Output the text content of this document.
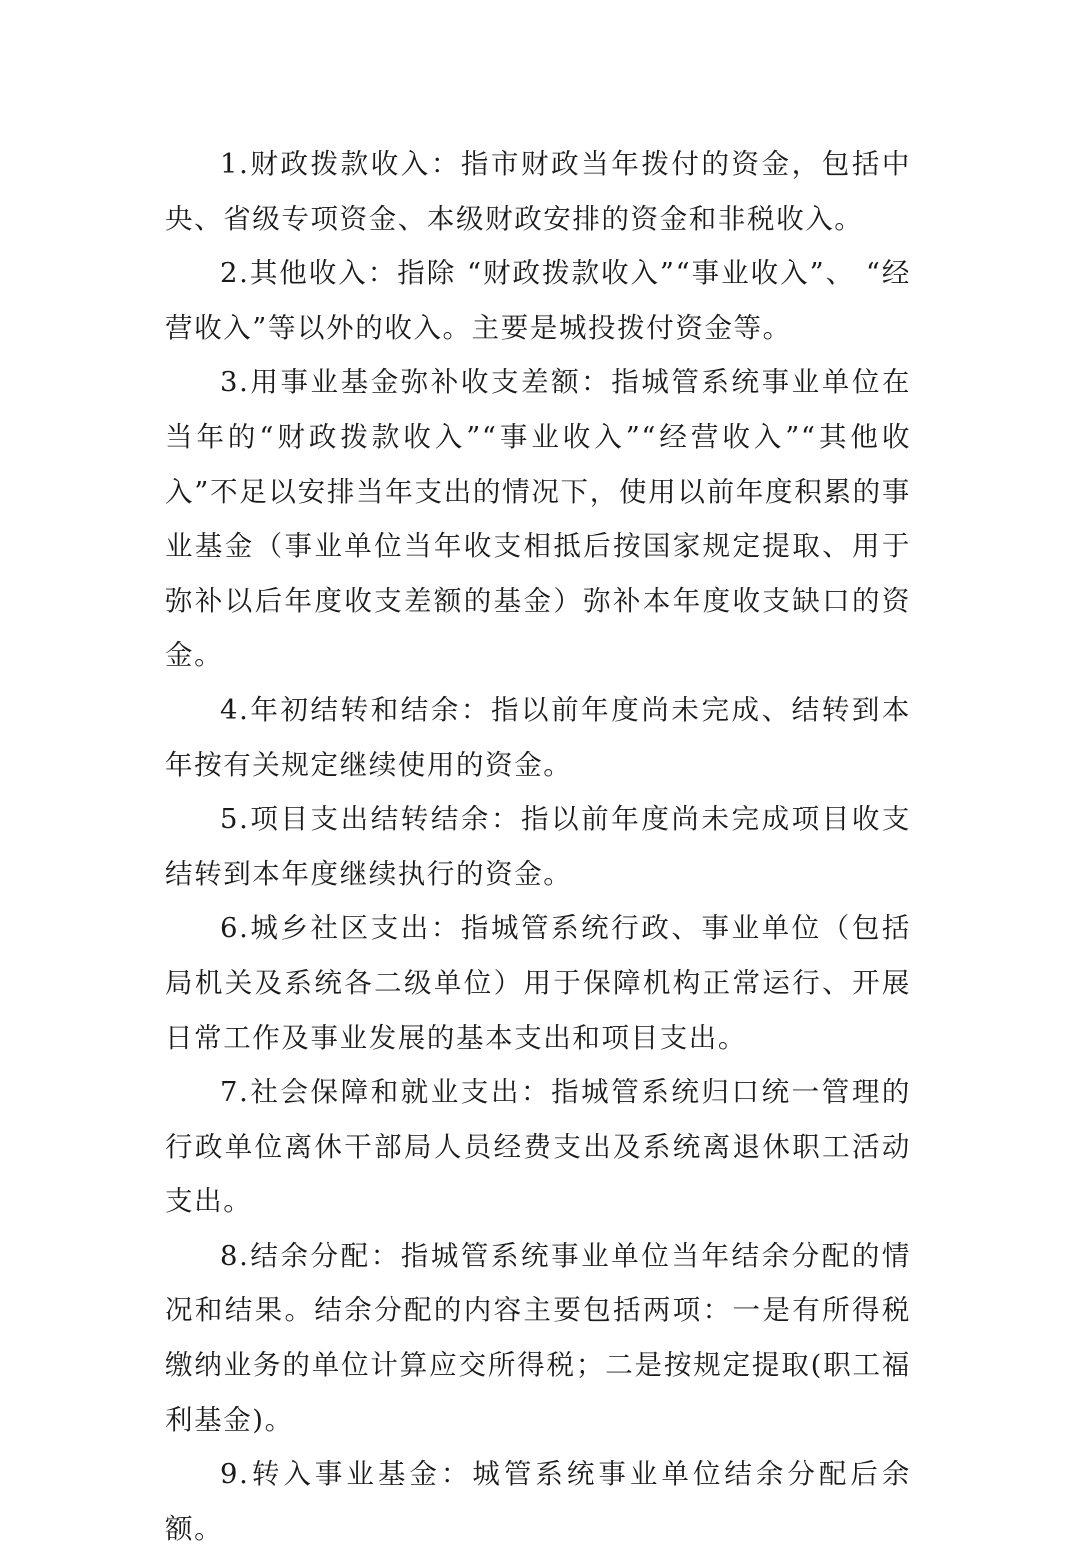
1.财政拨款收入：指市财政当年拨付的资金，包括中央、省级专项资金、本级财政安排的资金和非税收入。

2.其他收入：指除 “财政拨款收入”“事业收入”、 “经营收入”等以外的收入。主要是城投拨付资金等。

3.用事业基金弥补收支差额：指城管系统事业单位在当年的“财政拨款收入”“事业收入”“经营收入”“其他收入”不足以安排当年支出的情况下，使用以前年度积累的事业基金（事业单位当年收支相抵后按国家规定提取、用于弥补以后年度收支差额的基金）弥补本年度收支缺口的资金。

4.年初结转和结余：指以前年度尚未完成、结转到本年按有关规定继续使用的资金。

5.项目支出结转结余：指以前年度尚未完成项目收支结转到本年度继续执行的资金。

6.城乡社区支出：指城管系统行政、事业单位（包括局机关及系统各二级单位）用于保障机构正常运行、开展日常工作及事业发展的基本支出和项目支出。

7.社会保障和就业支出：指城管系统归口统一管理的行政单位离休干部局人员经费支出及系统离退休职工活动支出。

8.结余分配：指城管系统事业单位当年结余分配的情况和结果。结余分配的内容主要包括两项：一是有所得税缴纳业务的单位计算应交所得税；二是按规定提取(职工福利基金)。

9.转入事业基金：城管系统事业单位结余分配后余额。
